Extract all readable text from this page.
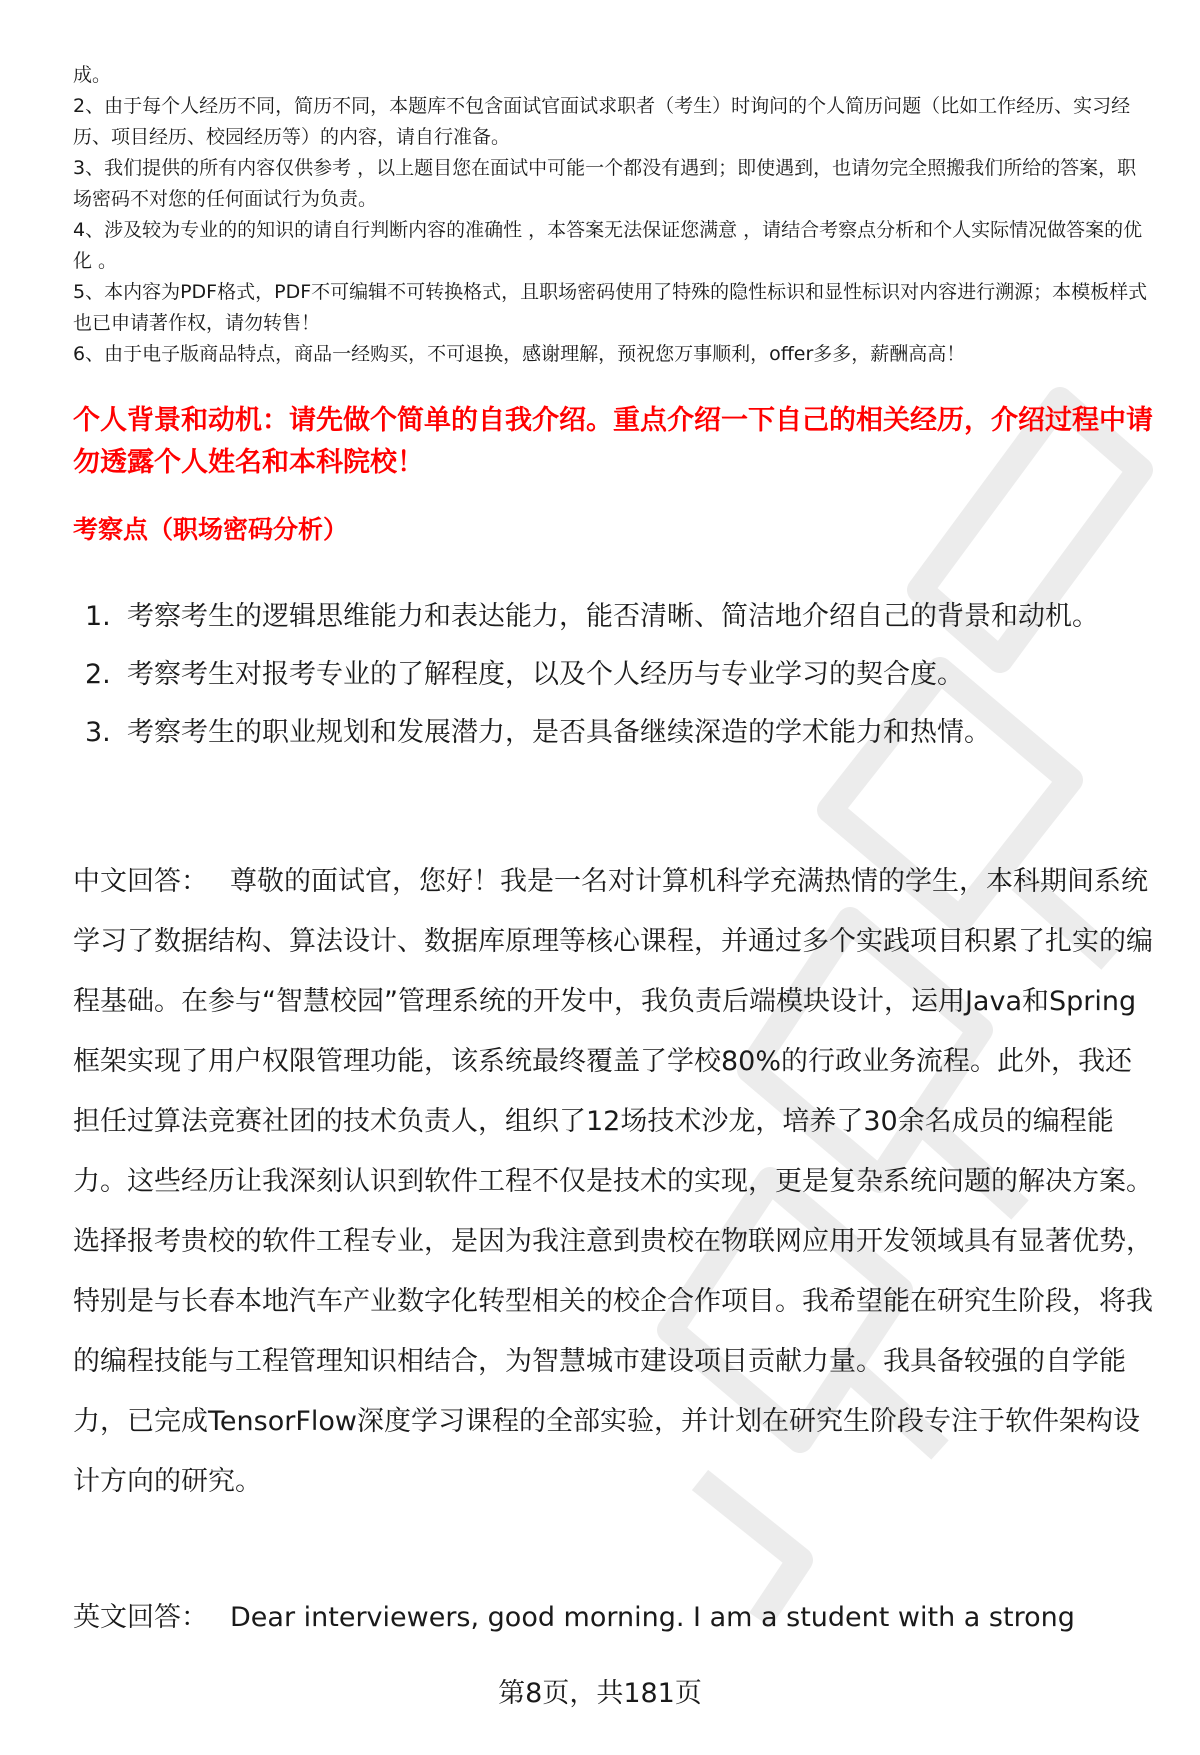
成。

2、由于每个人经历不同，简历不同，本题库不包含面试官面试求职者（考生）时询问的个人简历问题（比如工作经历、实习经历、项目经历、校园经历等）的内容，请自行准备。

3、我们提供的所有内容仅供参考 ，以上题目您在面试中可能一个都没有遇到；即使遇到，也请勿完全照搬我们所给的答案，职场密码不对您的任何面试行为负责。

4、涉及较为专业的的知识的请自行判断内容的准确性 ，本答案无法保证您满意 ，请结合考察点分析和个人实际情况做答案的优化 。

5、本内容为PDF格式，PDF不可编辑不可转换格式，且职场密码使用了特殊的隐性标识和显性标识对内容进行溯源；本模板样式也已申请著作权，请勿转售！

6、由于电子版商品特点，商品一经购买，不可退换，感谢理解，预祝您万事顺利，offer多多，薪酬高高！

个人背景和动机：请先做个简单的自我介绍。重点介绍一下自己的相关经历，介绍过程中请勿透露个人姓名和本科院校！

考察点（职场密码分析）

1. 考察考生的逻辑思维能力和表达能力，能否清晰、简洁地介绍自己的背景和动机。
2. 考察考生对报考专业的了解程度，以及个人经历与专业学习的契合度。
3. 考察考生的职业规划和发展潜力，是否具备继续深造的学术能力和热情。

中文回答： 尊敬的面试官，您好！我是一名对计算机科学充满热情的学生，本科期间系统学习了数据结构、算法设计、数据库原理等核心课程，并通过多个实践项目积累了扎实的编程基础。在参与“智慧校园”管理系统的开发中，我负责后端模块设计，运用Java和Spring框架实现了用户权限管理功能，该系统最终覆盖了学校80%的行政业务流程。此外，我还担任过算法竞赛社团的技术负责人，组织了12场技术沙龙，培养了30余名成员的编程能力。这些经历让我深刻认识到软件工程不仅是技术的实现，更是复杂系统问题的解决方案。选择报考贵校的软件工程专业，是因为我注意到贵校在物联网应用开发领域具有显著优势，特别是与长春本地汽车产业数字化转型相关的校企合作项目。我希望能在研究生阶段，将我的编程技能与工程管理知识相结合，为智慧城市建设项目贡献力量。我具备较强的自学能力，已完成TensorFlow深度学习课程的全部实验，并计划在研究生阶段专注于软件架构设计方向的研究。

英文回答： Dear interviewers, good morning. I am a student with a strong

第8页，共181页
